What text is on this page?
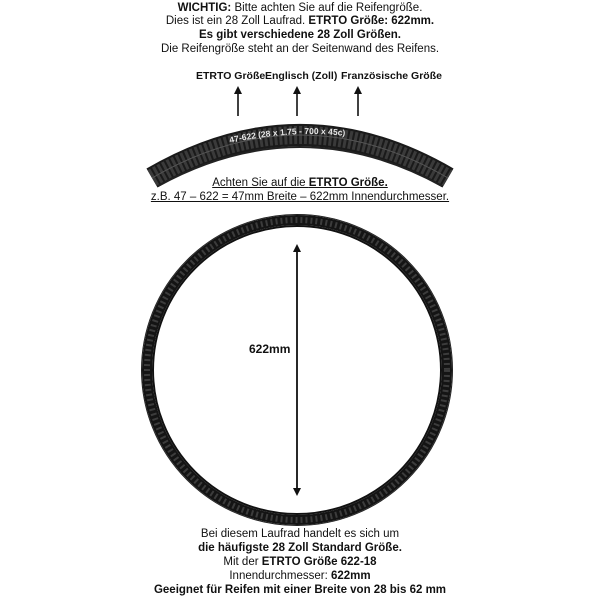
WICHTIG: Bitte achten Sie auf die Reifengröße.
Dies ist ein 28 Zoll Laufrad. ETRTO Größe: 622mm.
Es gibt verschiedene 28 Zoll Größen.
Die Reifengröße steht an der Seitenwand des Reifens.
ETRTO Größe Englisch (Zoll) Französische Größe
47-622 (28 x 1.75 - 700 x 45c)
Achten Sie auf die ETRTO Größe.
z.B. 47 – 622 = 47mm Breite – 622mm Innendurchmesser.
622mm
Bei diesem Laufrad handelt es sich um
die häufigste 28 Zoll Standard Größe.
Mit der ETRTO Größe 622-18
Innendurchmesser: 622mm
Geeignet für Reifen mit einer Breite von 28 bis 62 mm
